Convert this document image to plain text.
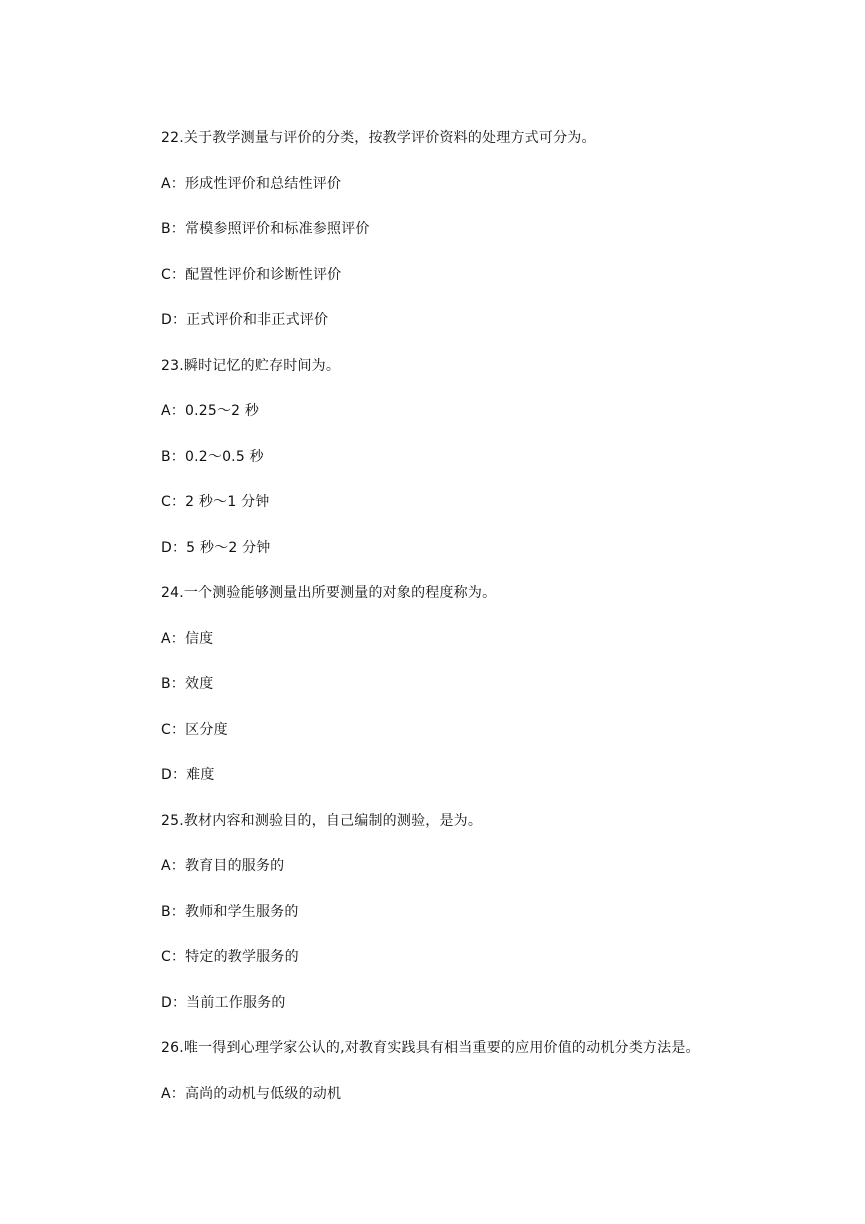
22.关于教学测量与评价的分类，按教学评价资料的处理方式可分为。
A：形成性评价和总结性评价
B：常模参照评价和标准参照评价
C：配置性评价和诊断性评价
D：正式评价和非正式评价
23.瞬时记忆的贮存时间为。
A：0.25～2 秒
B：0.2～0.5 秒
C：2 秒～1 分钟
D：5 秒～2 分钟
24.一个测验能够测量出所要测量的对象的程度称为。
A：信度
B：效度
C：区分度
D：难度
25.教材内容和测验目的，自己编制的测验，是为。
A：教育目的服务的
B：教师和学生服务的
C：特定的教学服务的
D：当前工作服务的
26.唯一得到心理学家公认的,对教育实践具有相当重要的应用价值的动机分类方法是。
A：高尚的动机与低级的动机
